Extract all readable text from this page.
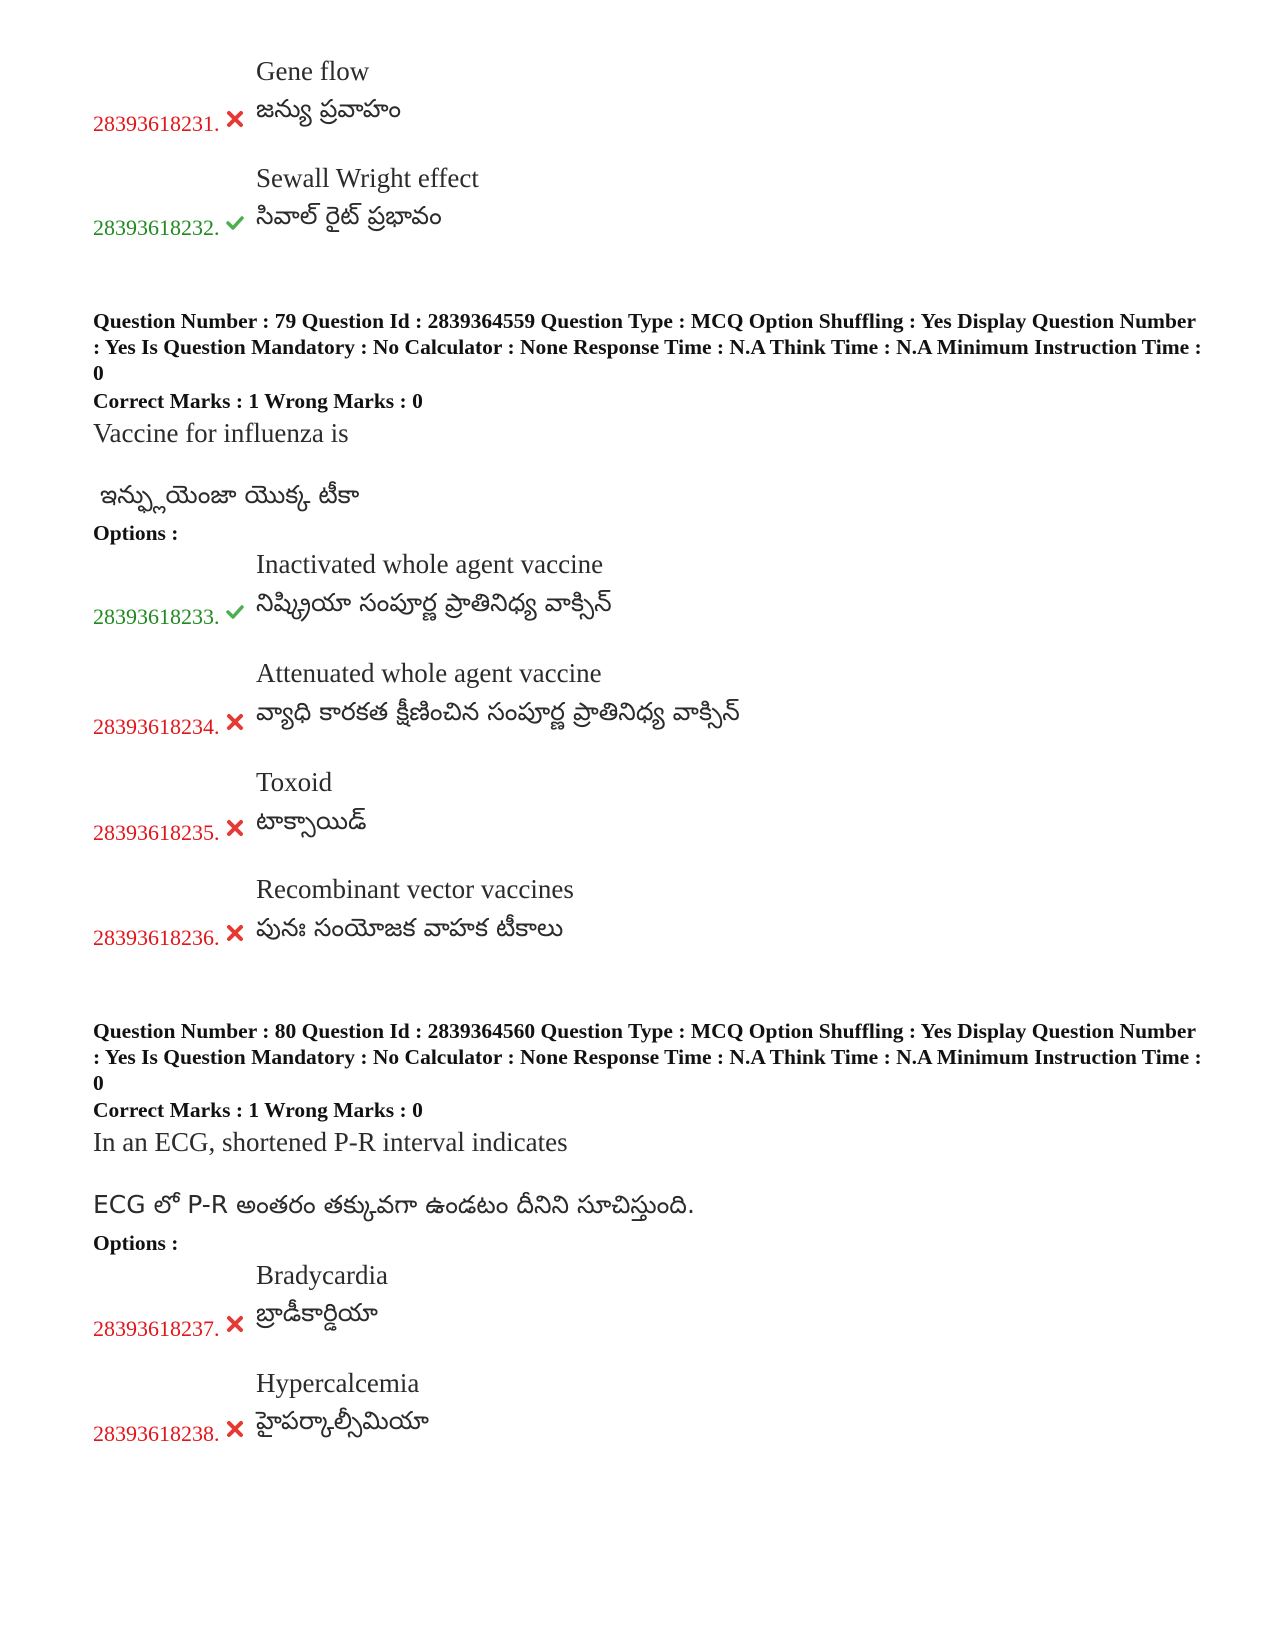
Gene flow
జన్యు ప్రవాహం
28393618231.
Sewall Wright effect
సివాల్ రైట్ ప్రభావం
28393618232.
Question Number : 79 Question Id : 2839364559 Question Type : MCQ Option Shuffling : Yes Display Question Number : Yes Is Question Mandatory : No Calculator : None Response Time : N.A Think Time : N.A Minimum Instruction Time : 0
Correct Marks : 1 Wrong Marks : 0
Vaccine for influenza is
ఇన్ఫ్లుయెంజా యొక్క టీకా
Options :
Inactivated whole agent vaccine
నిష్క్రియా సంపూర్ణ ప్రాతినిధ్య వాక్సిన్
28393618233.
Attenuated whole agent vaccine
వ్యాధి కారకత క్షీణించిన సంపూర్ణ ప్రాతినిధ్య వాక్సిన్
28393618234.
Toxoid
టాక్సాయిడ్
28393618235.
Recombinant vector vaccines
పునః సంయోజక వాహక టీకాలు
28393618236.
Question Number : 80 Question Id : 2839364560 Question Type : MCQ Option Shuffling : Yes Display Question Number : Yes Is Question Mandatory : No Calculator : None Response Time : N.A Think Time : N.A Minimum Instruction Time : 0
Correct Marks : 1 Wrong Marks : 0
In an ECG, shortened P-R interval indicates
ECG లో P-R అంతరం తక్కువగా ఉండటం దీనిని సూచిస్తుంది.
Options :
Bradycardia
బ్రాడీకార్డియా
28393618237.
Hypercalcemia
హైపర్కాల్సీమియా
28393618238.
